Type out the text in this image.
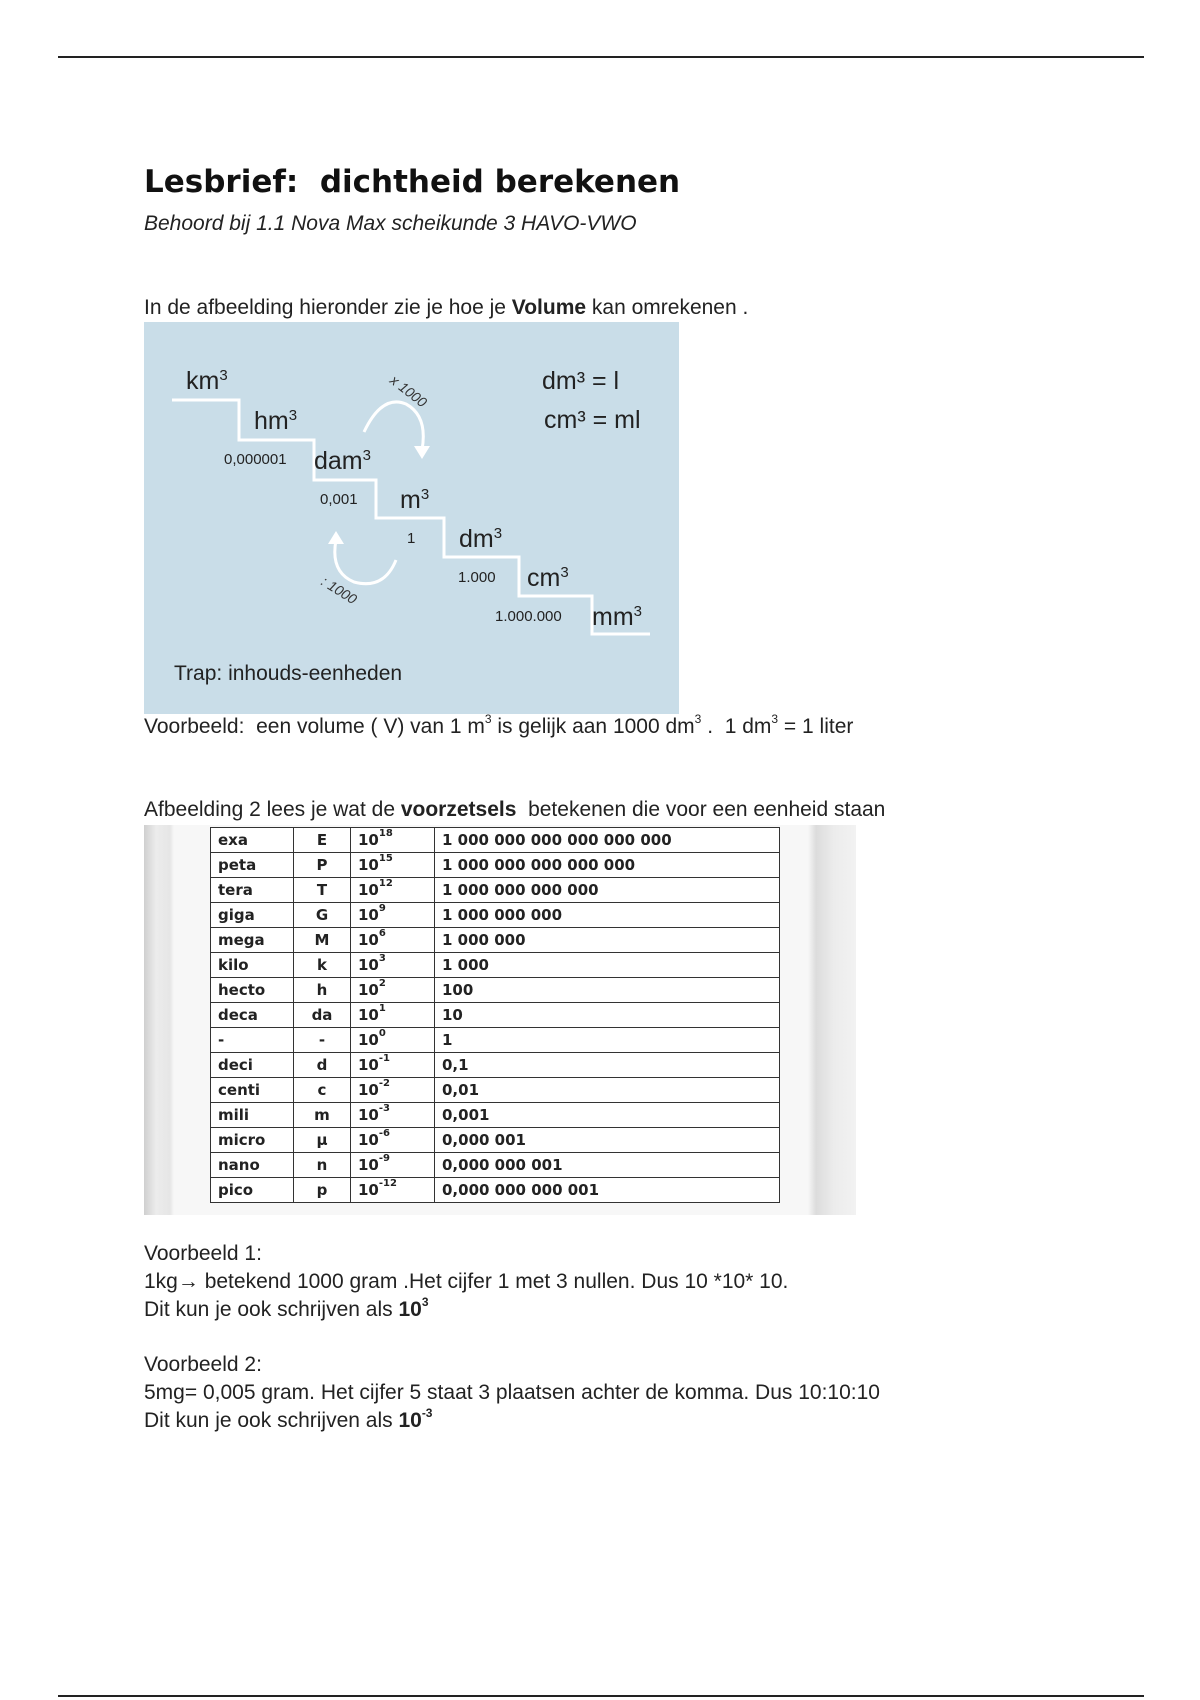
Lesbrief:  dichtheid berekenen
Behoord bij 1.1 Nova Max scheikunde 3 HAVO-VWO
In de afbeelding hieronder zie je hoe je Volume kan omrekenen .
$km^3$
$hm^3$
dam$^3$
$m^3$
$dm^3$
$cm^3$
$mm^3$
0,000001
0,001
1
1.000
1.000.000
dm³ = l
cm³ = ml
x 1000
: 1000
Trap: inhouds-eenheden
Voorbeeld:  een volume ( V) van 1 $m^3$ is gelijk aan 1000 $dm^3$ .  1 $dm^3 = 1$ liter
Afbeelding 2 lees je wat de voorzetsels  betekenen die voor een eenheid staan
exa	E	$10^{18}$	1 000 000 000 000 000 000
peta	P	$10^{15}$	1 000 000 000 000 000
tera	T	$10^{12}$	1 000 000 000 000
giga	G	$10^9$	1 000 000 000
mega	M	$10^6$	1 000 000
kilo	k	$10^3$	1 000
hecto	h	$10^2$	100
deca	da	$10^1$	10
-	-	$10^0$	1
deci	d	$10^{-1}$	0,1
centi	c	$10^{-2}$	0,01
mili	m	$10^{-3}$	0,001
micro	µ	$10^{-6}$	0,000 001
nano	n	$10^{-9}$	0,000 000 001
pico	p	$10^{-12}$	0,000 000 000 001
Voorbeeld 1:
1kg→ betekend 1000 gram .Het cijfer 1 met 3 nullen. Dus 10 *10* 10.
Dit kun je ook schrijven als $10^3$
Voorbeeld 2:
5mg= 0,005 gram. Het cijfer 5 staat 3 plaatsen achter de komma. Dus 10:10:10
Dit kun je ook schrijven als $10^{-3}$
